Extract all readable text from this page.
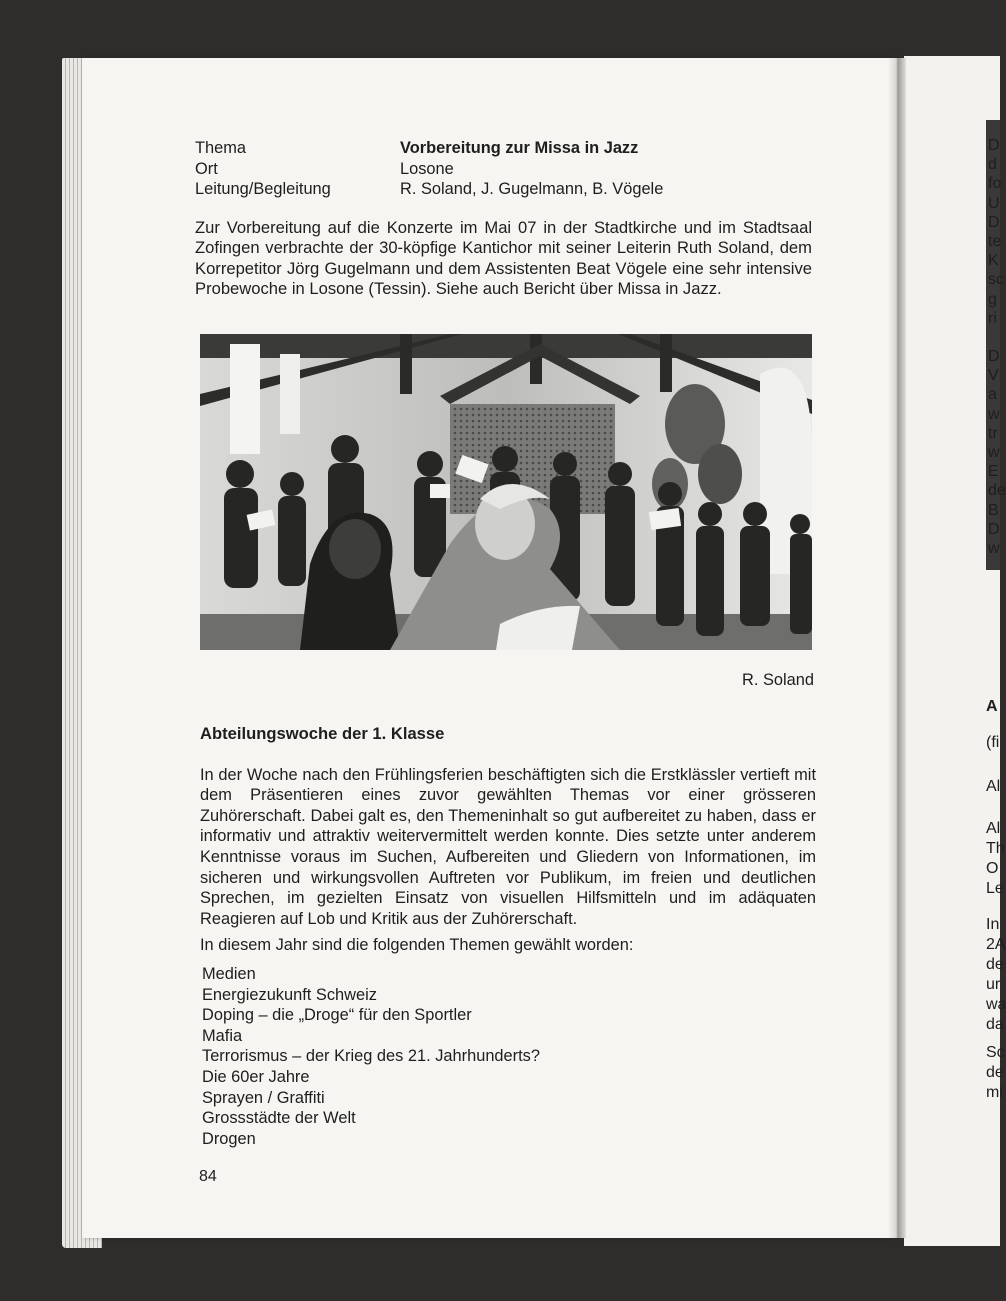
Thema	Vorbereitung zur Missa in Jazz
Ort	Losone
Leitung/Begleitung	R. Soland, J. Gugelmann, B. Vögele

Zur Vorbereitung auf die Konzerte im Mai 07 in der Stadtkirche und im Stadtsaal Zofingen verbrachte der 30-köpfige Kantichor mit seiner Leiterin Ruth Soland, dem Korrepetitor Jörg Gugelmann und dem Assistenten Beat Vögele eine sehr intensive Probewoche in Losone (Tessin). Siehe auch Bericht über Missa in Jazz.

R. Soland
Abteilungswoche der 1. Klasse

In der Woche nach den Frühlingsferien beschäftigten sich die Erstklässler vertieft mit dem Präsentieren eines zuvor gewählten Themas vor einer grösseren Zuhörerschaft. Dabei galt es, den Themeninhalt so gut aufbereitet zu haben, dass er informativ und attraktiv weitervermittelt werden konnte. Dies setzte unter anderem Kenntnisse voraus im Suchen, Aufbereiten und Gliedern von Informationen, im sicheren und wirkungsvollen Auftreten vor Publikum, im freien und deutlichen Sprechen, im gezielten Einsatz von visuellen Hilfsmitteln und im adäquaten Reagieren auf Lob und Kritik aus der Zuhörerschaft.

In diesem Jahr sind die folgenden Themen gewählt worden:

Medien
Energiezukunft Schweiz
Doping – die „Droge“ für den Sportler
Mafia
Terrorismus – der Krieg des 21. Jahrhunderts?
Die 60er Jahre
Sprayen / Graffiti
Grossstädte der Welt
Drogen
84
D
d
fo
U
D
te
K
sc
g
ri
D
V
a
w
tr
w
E
de
B
D
w
A
(fi
Al
Al
Th
O
Le
In
2A
de
ur
wa
da
Sc
de
mi
